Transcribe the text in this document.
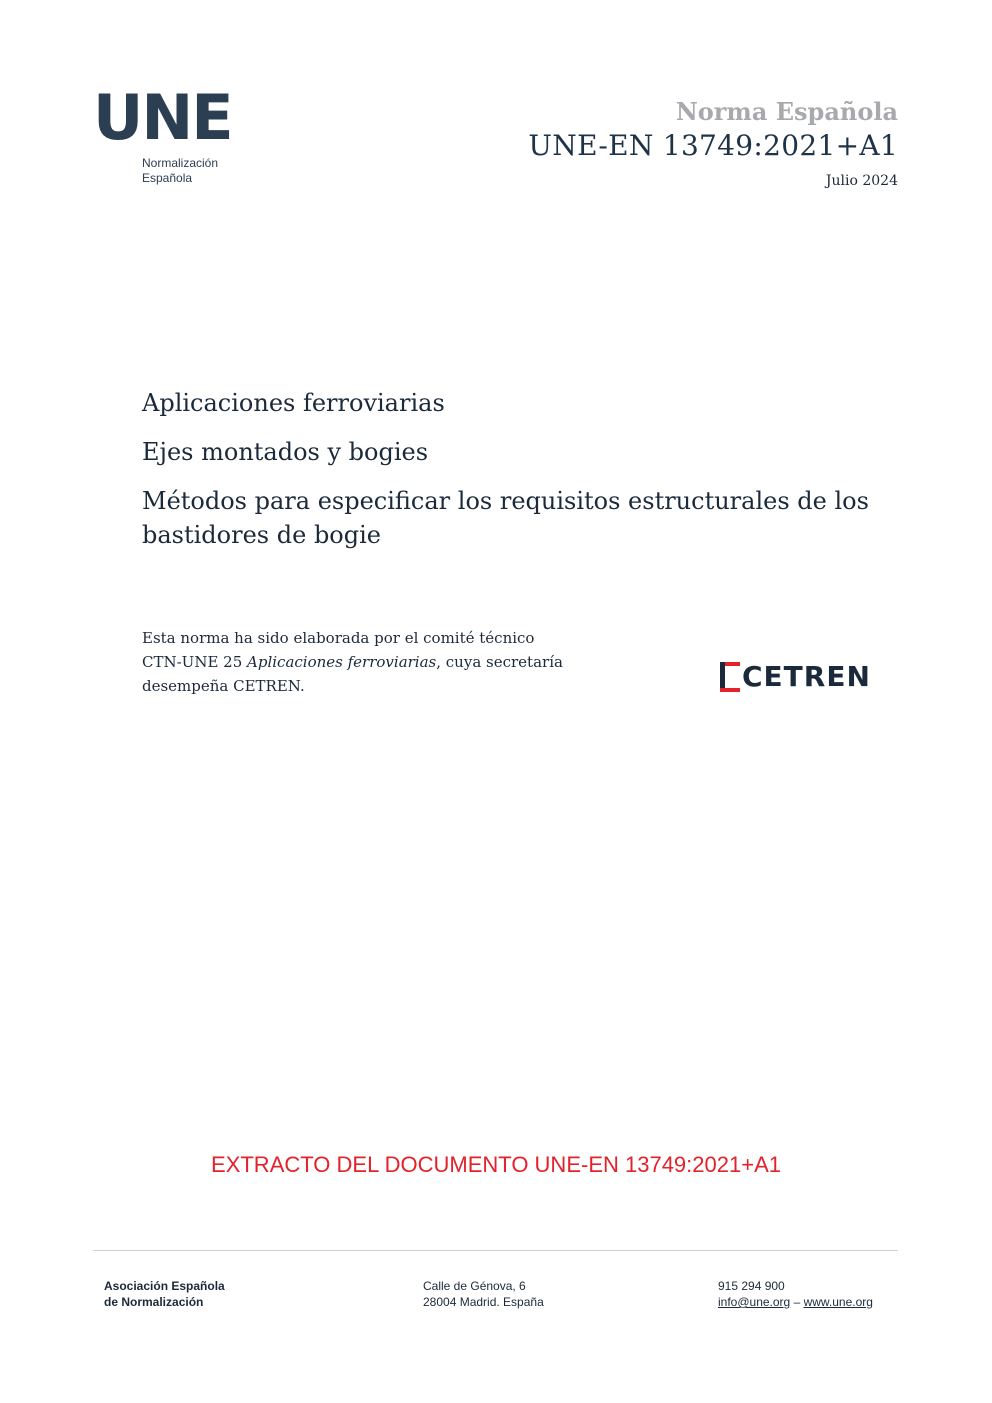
UNE
Normalización
Española
Norma Española
UNE-EN 13749:2021+A1
Julio 2024

Aplicaciones ferroviarias

Ejes montados y bogies

Métodos para especificar los requisitos estructurales de los bastidores de bogie

Esta norma ha sido elaborada por el comité técnico
CTN-UNE 25 Aplicaciones ferroviarias, cuya secretaría
desempeña CETREN.	CETREN
EXTRACTO DEL DOCUMENTO UNE-EN 13749:2021+A1
Asociación Española
de Normalización
Calle de Génova, 6
28004 Madrid. España
915 294 900
info@une.org – www.une.org
